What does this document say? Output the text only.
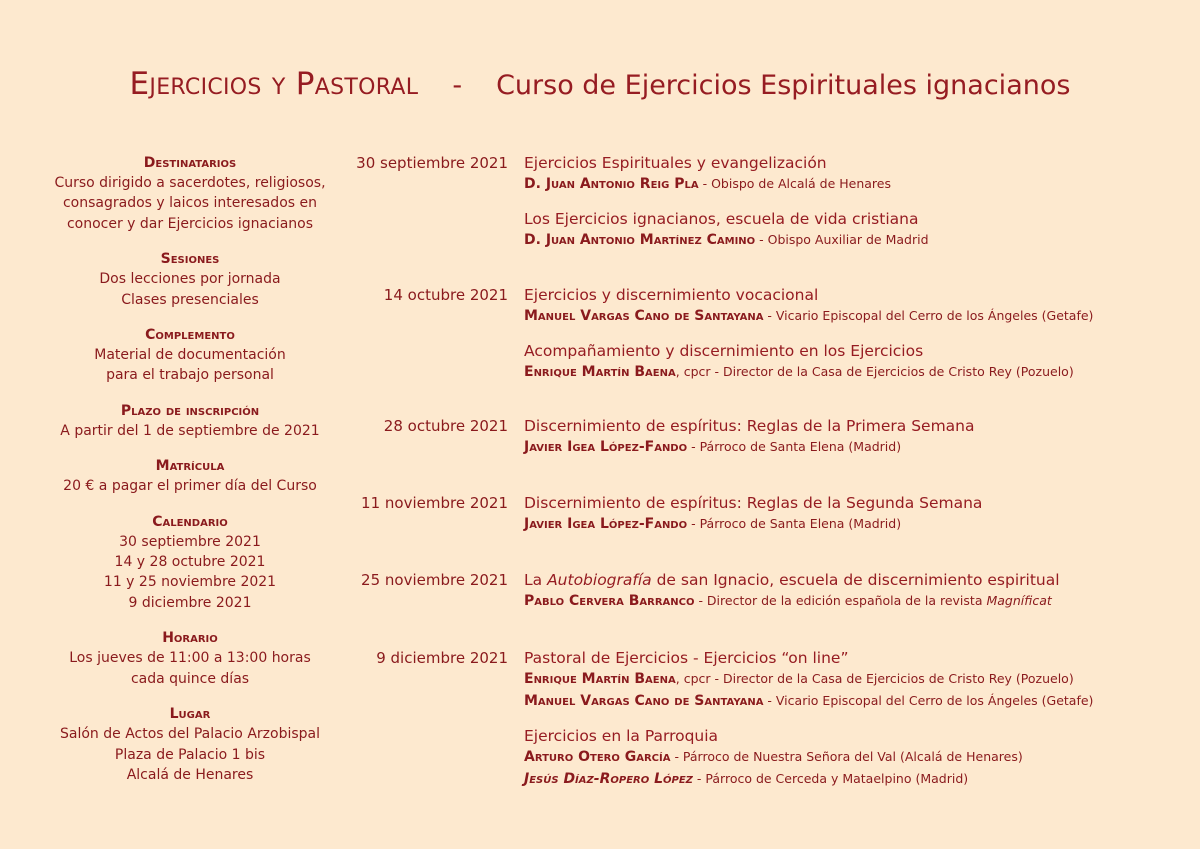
Ejercicios y Pastoral - Curso de Ejercicios Espirituales ignacianos
Destinatarios
Curso dirigido a sacerdotes, religiosos,
consagrados y laicos interesados en
conocer y dar Ejercicios ignacianos
Sesiones
Dos lecciones por jornada
Clases presenciales
Complemento
Material de documentación
para el trabajo personal
Plazo de inscripción
A partir del 1 de septiembre de 2021
Matrícula
20 € a pagar el primer día del Curso
Calendario
30 septiembre 2021
14 y 28 octubre 2021
11 y 25 noviembre 2021
9 diciembre 2021
Horario
Los jueves de 11:00 a 13:00 horas
cada quince días
Lugar
Salón de Actos del Palacio Arzobispal
Plaza de Palacio 1 bis
Alcalá de Henares
30 septiembre 2021 Ejercicios Espirituales y evangelización
D. Juan Antonio Reig Pla - Obispo de Alcalá de Henares
Los Ejercicios ignacianos, escuela de vida cristiana
D. Juan Antonio Martínez Camino - Obispo Auxiliar de Madrid
14 octubre 2021 Ejercicios y discernimiento vocacional
Manuel Vargas Cano de Santayana - Vicario Episcopal del Cerro de los Ángeles (Getafe)
Acompañamiento y discernimiento en los Ejercicios
Enrique Martín Baena, cpcr - Director de la Casa de Ejercicios de Cristo Rey (Pozuelo)
28 octubre 2021 Discernimiento de espíritus: Reglas de la Primera Semana
Javier Igea López-Fando - Párroco de Santa Elena (Madrid)
11 noviembre 2021 Discernimiento de espíritus: Reglas de la Segunda Semana
Javier Igea López-Fando - Párroco de Santa Elena (Madrid)
25 noviembre 2021 La Autobiografía de san Ignacio, escuela de discernimiento espiritual
Pablo Cervera Barranco - Director de la edición española de la revista Magníficat
9 diciembre 2021 Pastoral de Ejercicios - Ejercicios “on line”
Enrique Martín Baena, cpcr - Director de la Casa de Ejercicios de Cristo Rey (Pozuelo)
Manuel Vargas Cano de Santayana - Vicario Episcopal del Cerro de los Ángeles (Getafe)
Ejercicios en la Parroquia
Arturo Otero García - Párroco de Nuestra Señora del Val (Alcalá de Henares)
Jesús Díaz-Ropero López - Párroco de Cerceda y Mataelpino (Madrid)
